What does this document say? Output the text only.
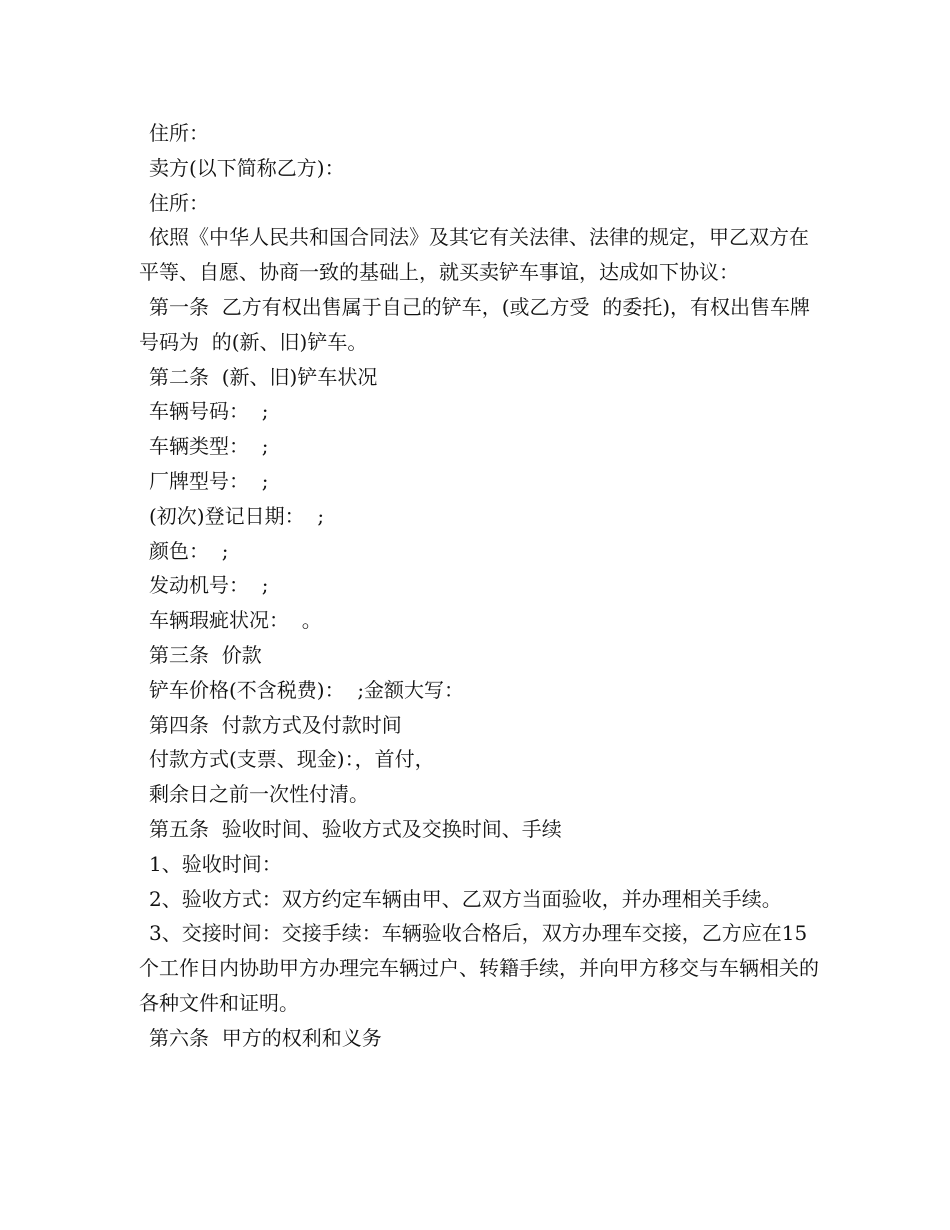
住所：

卖方(以下简称乙方)：

住所：

依照《中华人民共和国合同法》及其它有关法律、法律的规定，甲乙双方在平等、自愿、协商一致的基础上，就买卖铲车事谊，达成如下协议：

第一条  乙方有权出售属于自己的铲车，(或乙方受  的委托)，有权出售车牌号码为  的(新、旧)铲车。

第二条  (新、旧)铲车状况

车辆号码：  ;

车辆类型：  ;

厂牌型号：  ;

(初次)登记日期：  ;

颜色：  ;

发动机号：  ;

车辆瑕疵状况：  。

第三条  价款

铲车价格(不含税费)：  ;金额大写：

第四条  付款方式及付款时间

付款方式(支票、现金)：，首付，

剩余日之前一次性付清。

第五条  验收时间、验收方式及交换时间、手续

1、验收时间：

2、验收方式：双方约定车辆由甲、乙双方当面验收，并办理相关手续。

3、交接时间：交接手续：车辆验收合格后，双方办理车交接，乙方应在15个工作日内协助甲方办理完车辆过户、转籍手续，并向甲方移交与车辆相关的各种文件和证明。

第六条  甲方的权利和义务
